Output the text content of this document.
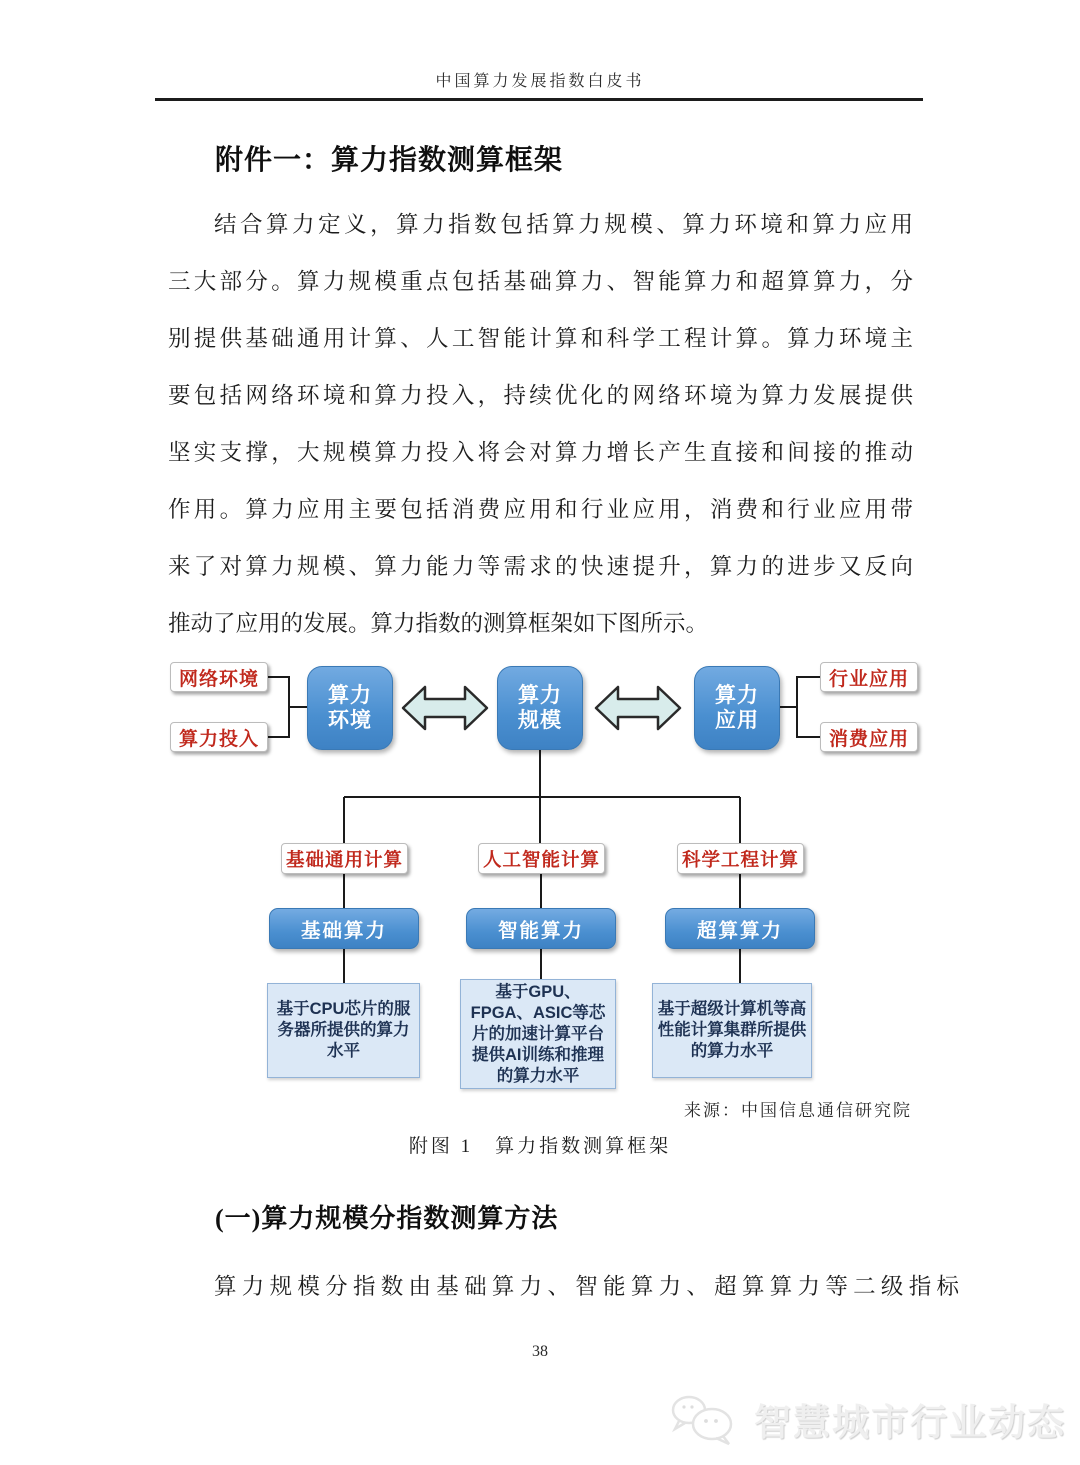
中国算力发展指数白皮书
附件一：算力指数测算框架
结合算力定义，算力指数包括算力规模、算力环境和算力应用
三大部分。算力规模重点包括基础算力、智能算力和超算算力，分
别提供基础通用计算、人工智能计算和科学工程计算。算力环境主
要包括网络环境和算力投入，持续优化的网络环境为算力发展提供
坚实支撑，大规模算力投入将会对算力增长产生直接和间接的推动
作用。算力应用主要包括消费应用和行业应用，消费和行业应用带
来了对算力规模、算力能力等需求的快速提升，算力的进步又反向
推动了应用的发展。算力指数的测算框架如下图所示。
网络环境
算力投入
算力环境
算力规模
算力应用
行业应用
消费应用
基础通用计算	人工智能计算	科学工程计算
基础算力	智能算力	超算算力
基于CPU芯片的服务器所提供的算力水平
基于GPU、FPGA、ASIC等芯片的加速计算平台提供AI训练和推理的算力水平
基于超级计算机等高性能计算集群所提供的算力水平
来源：中国信息通信研究院
附图 1　算力指数测算框架
(一)算力规模分指数测算方法
算力规模分指数由基础算力、智能算力、超算算力等二级指标
38
智慧城市行业动态
